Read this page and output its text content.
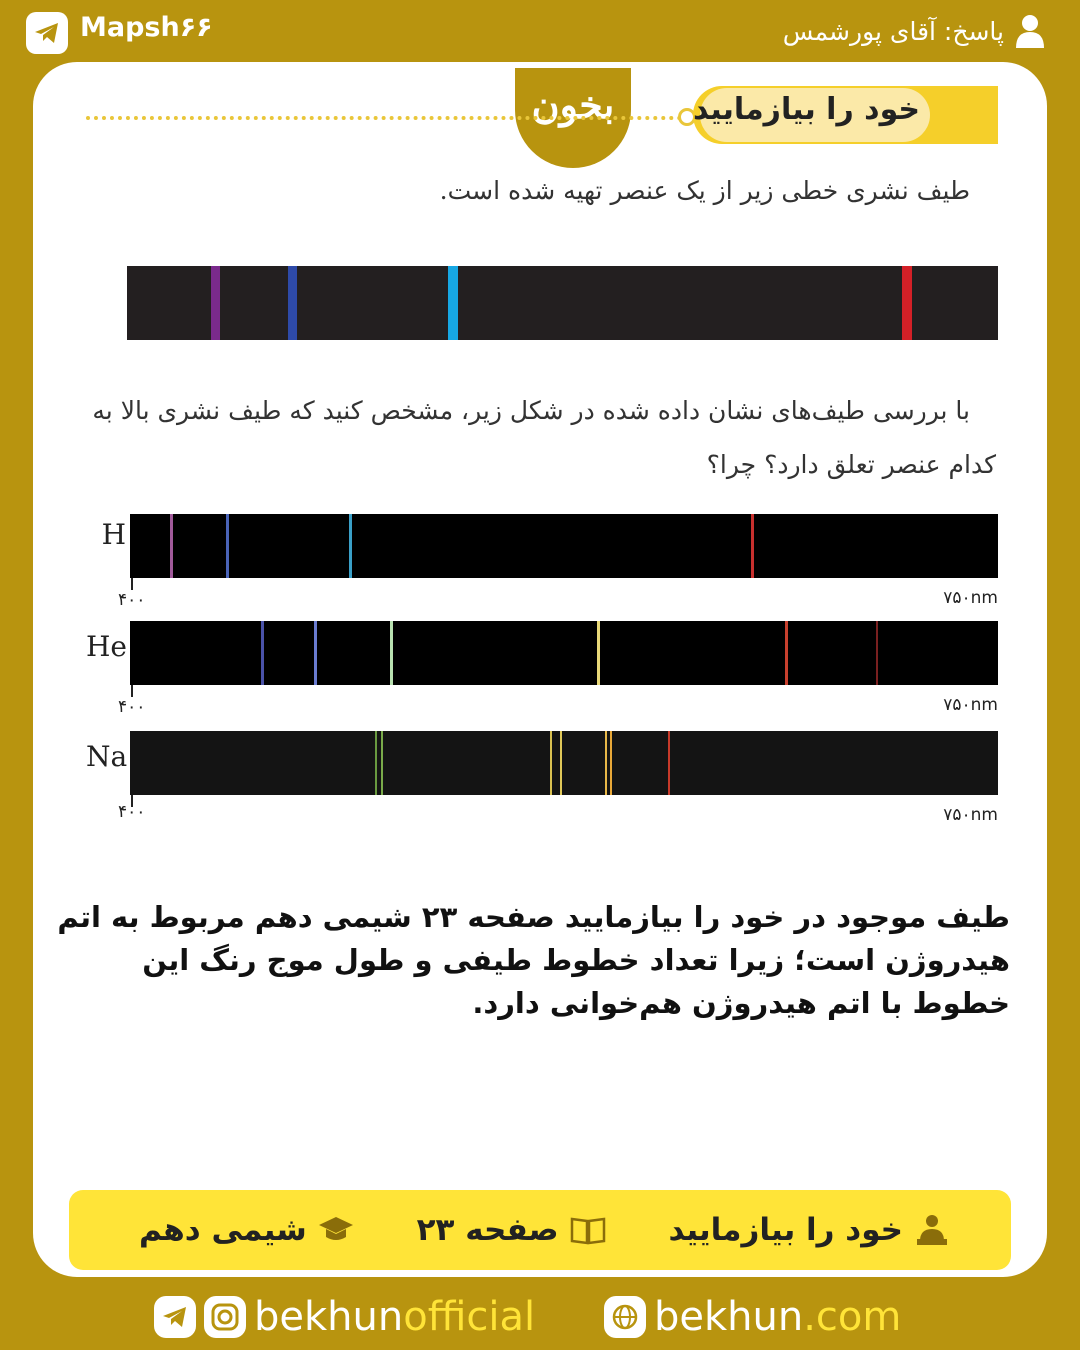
Mapsh۶۶	پاسخ: آقای پورشمس
بخون	خود را بیازمایید
طیف نشری خطی زیر از یک عنصر تهیه شده است.
با بررسی طیف‌های نشان داده شده در شکل زیر، مشخص کنید که طیف نشری بالا به
کدام عنصر تعلق دارد؟ چرا؟
H
۴۰۰	۷۵۰nm
He
۴۰۰	۷۵۰nm
Na
۴۰۰	۷۵۰nm
طیف موجود در خود را بیازمایید صفحه ۲۳ شیمی دهم مربوط به اتم هیدروژن است؛ زیرا تعداد خطوط طیفی و طول موج رنگ این خطوط با اتم هیدروژن هم‌خوانی دارد.
شیمی دهم	صفحه ۲۳	خود را بیازمایید
bekhunofficial	bekhun.com
